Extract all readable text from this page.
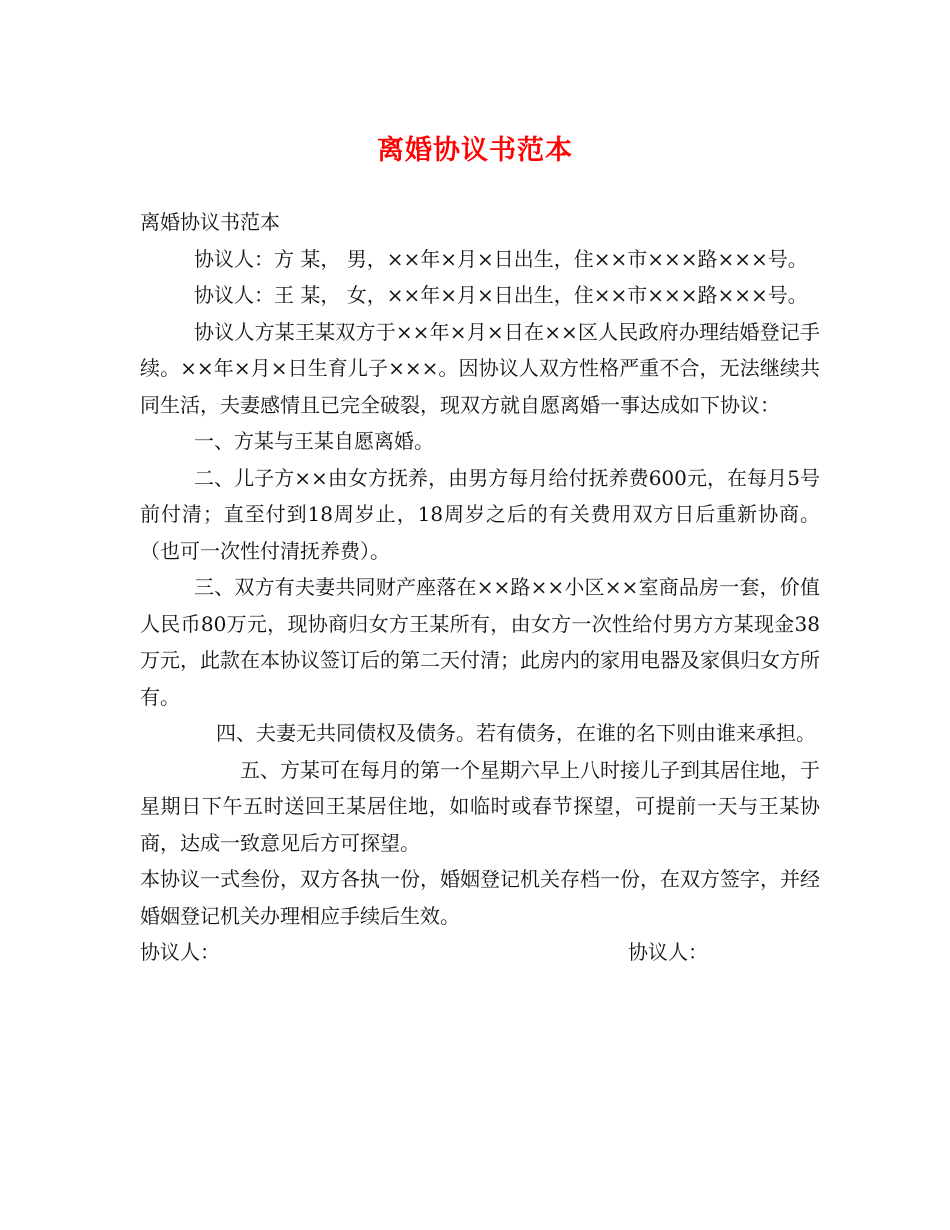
离婚协议书范本

离婚协议书范本

协议人：方 某， 男，××年×月×日出生，住××市×××路×××号。

协议人：王 某， 女，××年×月×日出生，住××市×××路×××号。

协议人方某王某双方于××年×月×日在××区人民政府办理结婚登记手续。××年×月×日生育儿子×××。因协议人双方性格严重不合，无法继续共同生活，夫妻感情且已完全破裂，现双方就自愿离婚一事达成如下协议：

一、方某与王某自愿离婚。

二、儿子方××由女方抚养，由男方每月给付抚养费600元，在每月5号前付清；直至付到18周岁止，18周岁之后的有关费用双方日后重新协商。（也可一次性付清抚养费）。

三、双方有夫妻共同财产座落在××路××小区××室商品房一套，价值人民币80万元，现协商归女方王某所有，由女方一次性给付男方方某现金38万元，此款在本协议签订后的第二天付清；此房内的家用电器及家俱归女方所有。

四、夫妻无共同债权及债务。若有债务，在谁的名下则由谁来承担。

五、方某可在每月的第一个星期六早上八时接儿子到其居住地，于星期日下午五时送回王某居住地，如临时或春节探望，可提前一天与王某协商，达成一致意见后方可探望。

本协议一式叁份，双方各执一份，婚姻登记机关存档一份，在双方签字，并经婚姻登记机关办理相应手续后生效。

协议人：	协议人：
